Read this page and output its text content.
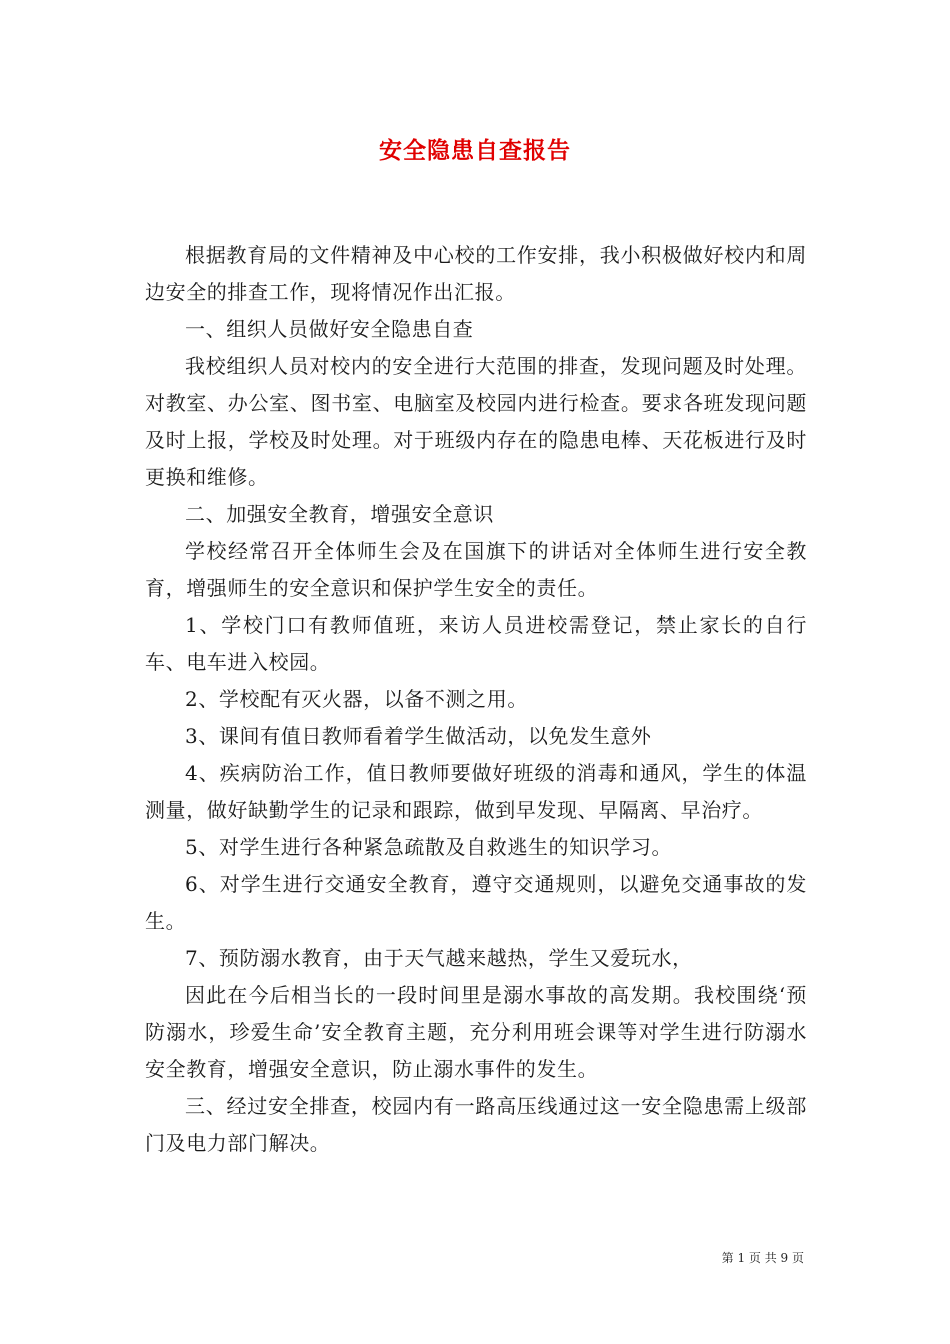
安全隐患自查报告

根据教育局的文件精神及中心校的工作安排，我小积极做好校内和周边安全的排查工作，现将情况作出汇报。

一、组织人员做好安全隐患自查

我校组织人员对校内的安全进行大范围的排查，发现问题及时处理。对教室、办公室、图书室、电脑室及校园内进行检查。要求各班发现问题及时上报，学校及时处理。对于班级内存在的隐患电棒、天花板进行及时更换和维修。

二、加强安全教育，增强安全意识

学校经常召开全体师生会及在国旗下的讲话对全体师生进行安全教育，增强师生的安全意识和保护学生安全的责任。

1、学校门口有教师值班，来访人员进校需登记，禁止家长的自行车、电车进入校园。

2、学校配有灭火器，以备不测之用。

3、课间有值日教师看着学生做活动，以免发生意外

4、疾病防治工作，值日教师要做好班级的消毒和通风，学生的体温测量，做好缺勤学生的记录和跟踪，做到早发现、早隔离、早治疗。

5、对学生进行各种紧急疏散及自救逃生的知识学习。

6、对学生进行交通安全教育，遵守交通规则，以避免交通事故的发生。

7、预防溺水教育，由于天气越来越热，学生又爱玩水，

因此在今后相当长的一段时间里是溺水事故的高发期。我校围绕‘预防溺水，珍爱生命’安全教育主题，充分利用班会课等对学生进行防溺水安全教育，增强安全意识，防止溺水事件的发生。

三、经过安全排查，校园内有一路高压线通过这一安全隐患需上级部门及电力部门解决。

第 1 页 共 9 页
